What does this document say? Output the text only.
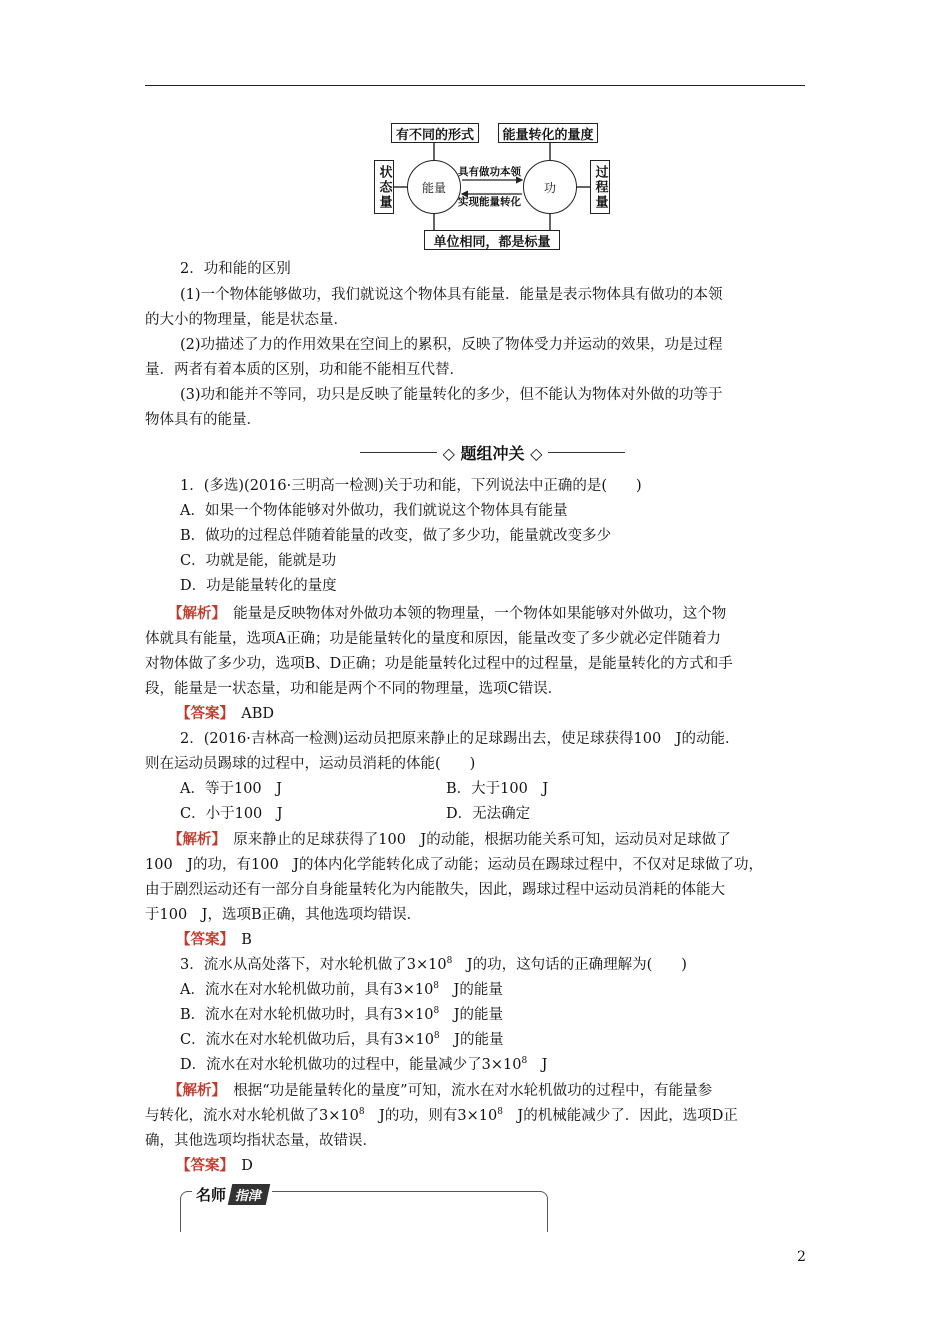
有不同的形式	能量转化的量度
状态量	过程量
能量	功
具有做功本领
实现能量转化
单位相同，都是标量
2．功和能的区别
(1)一个物体能够做功，我们就说这个物体具有能量．能量是表示物体具有做功的本领
的大小的物理量，能是状态量．
(2)功描述了力的作用效果在空间上的累积，反映了物体受力并运动的效果，功是过程
量．两者有着本质的区别，功和能不能相互代替．
(3)功和能并不等同，功只是反映了能量转化的多少，但不能认为物体对外做的功等于
物体具有的能量．
◇ 题组冲关 ◇
1．(多选)(2016·三明高一检测)关于功和能，下列说法中正确的是(　　)
A．如果一个物体能够对外做功，我们就说这个物体具有能量
B．做功的过程总伴随着能量的改变，做了多少功，能量就改变多少
C．功就是能，能就是功
D．功是能量转化的量度
【解析】　能量是反映物体对外做功本领的物理量，一个物体如果能够对外做功，这个物
体就具有能量，选项A正确；功是能量转化的量度和原因，能量改变了多少就必定伴随着力
对物体做了多少功，选项B、D正确；功是能量转化过程中的过程量，是能量转化的方式和手
段，能量是一状态量，功和能是两个不同的物理量，选项C错误．
【答案】　ABD
2．(2016·吉林高一检测)运动员把原来静止的足球踢出去，使足球获得100　J的动能．
则在运动员踢球的过程中，运动员消耗的体能(　　)
A．等于100　J	B．大于100　J
C．小于100　J	D．无法确定
【解析】　原来静止的足球获得了100　J的动能，根据功能关系可知，运动员对足球做了
100　J的功，有100　J的体内化学能转化成了动能；运动员在踢球过程中，不仅对足球做了功，
由于剧烈运动还有一部分自身能量转化为内能散失，因此，踢球过程中运动员消耗的体能大
于100　J，选项B正确，其他选项均错误．
【答案】　B
3．流水从高处落下，对水轮机做了$3\times 10^8$　J的功，这句话的正确理解为(　　)
A．流水在对水轮机做功前，具有$3\times 10^8$　J的能量
B．流水在对水轮机做功时，具有$3\times 10^8$　J的能量
C．流水在对水轮机做功后，具有$3\times 10^8$　J的能量
D．流水在对水轮机做功的过程中，能量减少了$3\times 10^8$　J
【解析】　根据“功是能量转化的量度”可知，流水在对水轮机做功的过程中，有能量参
与转化，流水对水轮机做了$3\times 10^8$　J的功，则有$3\times 10^8$　J的机械能减少了．因此，选项D正
确，其他选项均指状态量，故错误．
【答案】　D
名师 指津
2
